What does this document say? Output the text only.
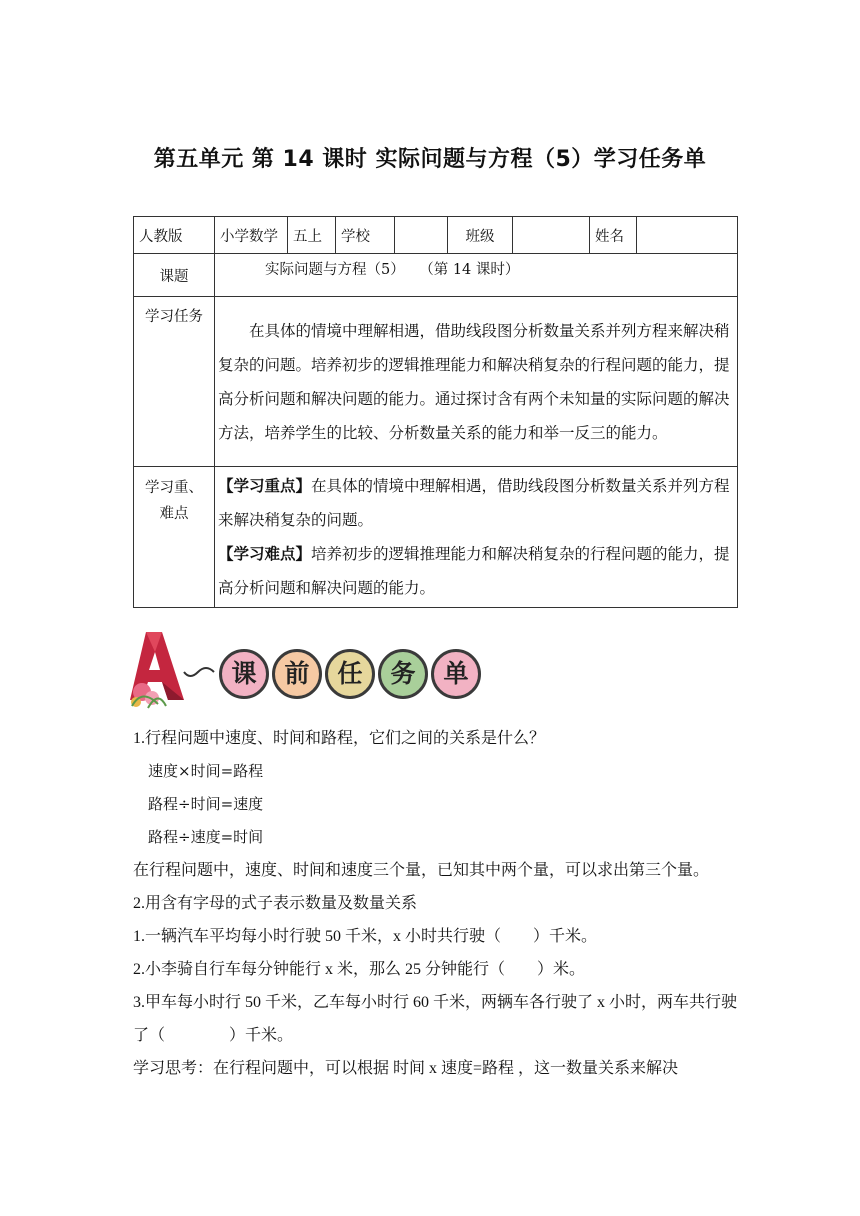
第五单元 第 14 课时 实际问题与方程（5）学习任务单
人教版	小学数学	五上	学校		班级		姓名	
课题	实际问题与方程（5）　　（第 14 课时）							
学习任务	在具体的情境中理解相遇，借助线段图分析数量关系并列方程来解决稍复杂的问题。培养初步的逻辑推理能力和解决稍复杂的行程问题的能力，提高分析问题和解决问题的能力。通过探讨含有两个未知量的实际问题的解决方法，培养学生的比较、分析数量关系的能力和举一反三的能力。							
学习重、难点	【学习重点】在具体的情境中理解相遇，借助线段图分析数量关系并列方程来解决稍复杂的问题。
【学习难点】培养初步的逻辑推理能力和解决稍复杂的行程问题的能力，提高分析问题和解决问题的能力。							
课	前	任	务	单
1.行程问题中速度、时间和路程，它们之间的关系是什么？
速度×时间=路程
路程÷时间=速度
路程÷速度=时间
在行程问题中，速度、时间和速度三个量，已知其中两个量，可以求出第三个量。
2.用含有字母的式子表示数量及数量关系
1.一辆汽车平均每小时行驶 50 千米，x 小时共行驶（　　）千米。
2.小李骑自行车每分钟能行 x 米，那么 25 分钟能行（　　）米。
3.甲车每小时行 50 千米，乙车每小时行 60 千米，两辆车各行驶了 x 小时，两车共行驶了（　　　　）千米。
学习思考：在行程问题中，可以根据 时间 x 速度=路程 ，这一数量关系来解决
